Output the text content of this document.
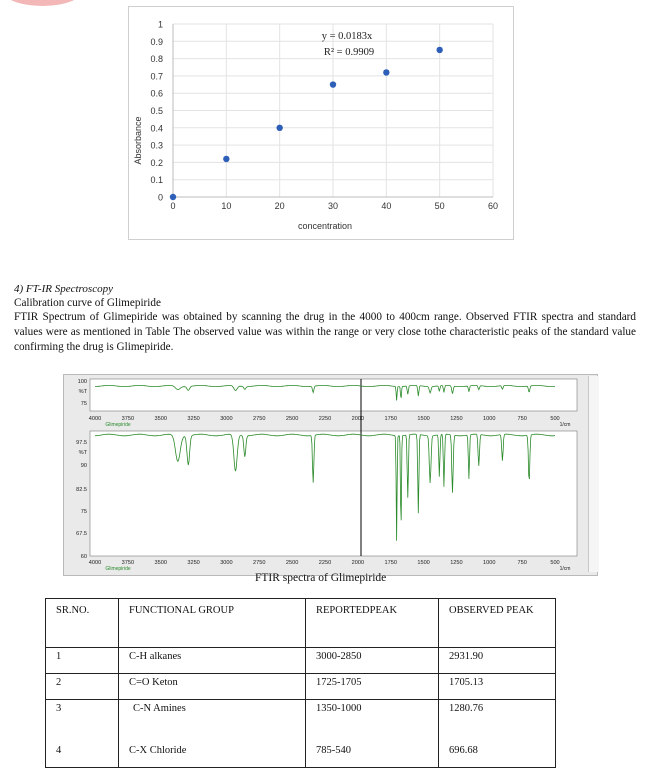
0
0.1
0.2
0.3
0.4
0.5
0.6
0.7
0.8
0.9
1
0	10	20	30	40	50	60
concentration
Absorbance
y = 0.0183x
R² = 0.9909
4) FT-IR Spectroscopy
Calibration curve of Glimepiride
FTIR Spectrum of Glimepiride was obtained by scanning the drug in the 4000 to 400cm range. Observed FTIR spectra and standard values were as mentioned in Table The observed value was within the range or very close tothe characteristic peaks of the standard value confirming the drug is Glimepiride.
4000
4000
3750
3750
3500
3500
3250
3250
3000
3000
2750
2750
2500
2500
2250
2250
2000
2000
1750
1750
1500
1500
1250
1250
1000
1000
750
750
500
500
Glimepiride
Glimepiride
1/cm
1/cm
100
%T
75
97.5
%T
90
82.5
75
67.5
60
FTIR spectra of Glimepiride
SR.NO.	FUNCTIONAL GROUP	REPORTEDPEAK	OBSERVED PEAK
1	C-H alkanes	3000-2850	2931.90
2	C=O Keton	1725-1705	1705.13
3	C-N Amines	1350-1000	1280.76

4	C-X Chloride	785-540	696.68
